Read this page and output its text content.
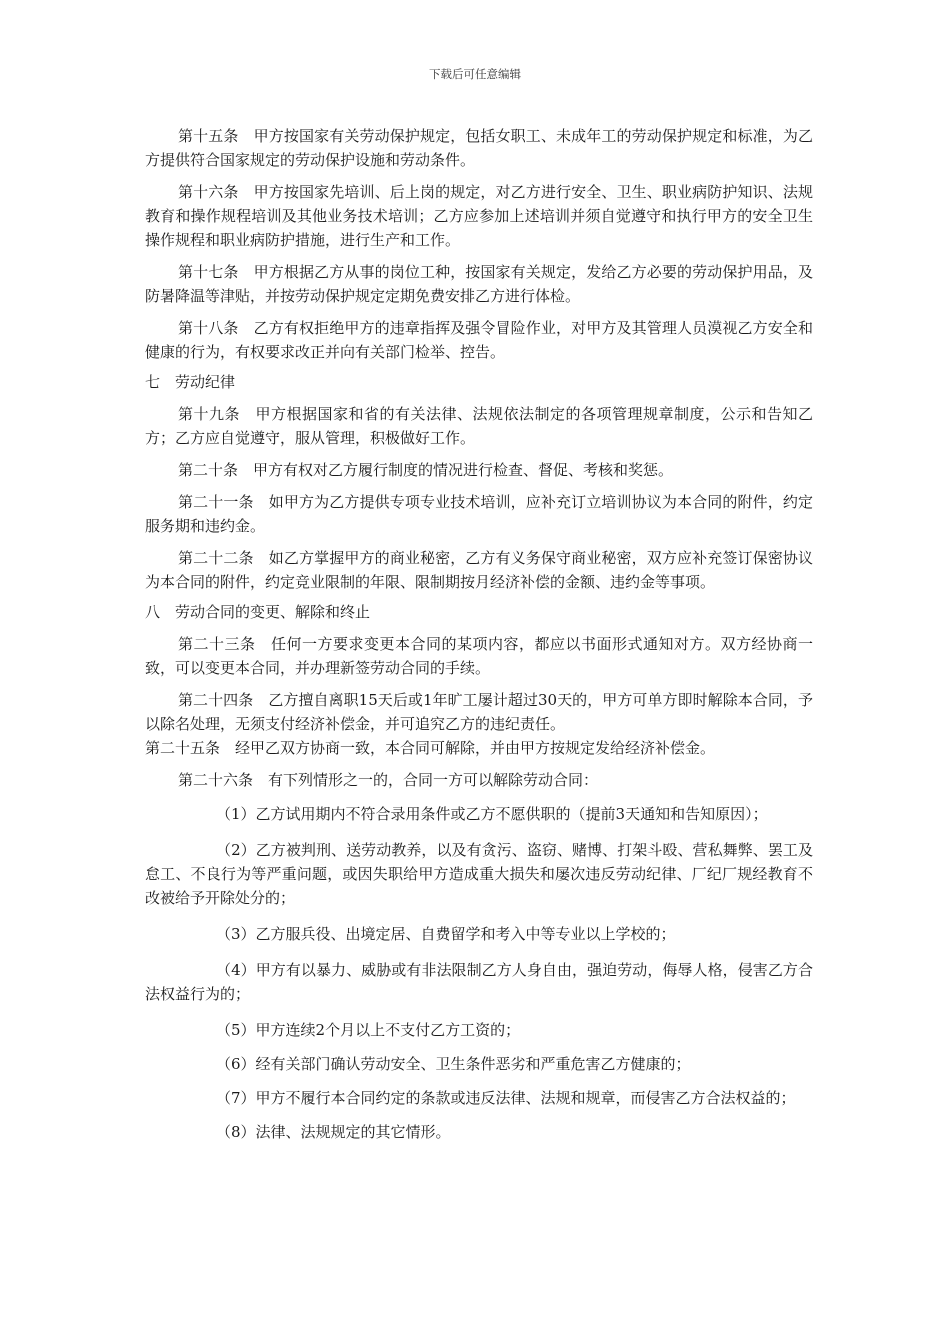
下载后可任意编辑

第十五条　甲方按国家有关劳动保护规定，包括女职工、未成年工的劳动保护规定和标准，为乙方提供符合国家规定的劳动保护设施和劳动条件。

第十六条　甲方按国家先培训、后上岗的规定，对乙方进行安全、卫生、职业病防护知识、法规教育和操作规程培训及其他业务技术培训；乙方应参加上述培训并须自觉遵守和执行甲方的安全卫生操作规程和职业病防护措施，进行生产和工作。

第十七条　甲方根据乙方从事的岗位工种，按国家有关规定，发给乙方必要的劳动保护用品，及防暑降温等津贴，并按劳动保护规定定期免费安排乙方进行体检。

第十八条　乙方有权拒绝甲方的违章指挥及强令冒险作业，对甲方及其管理人员漠视乙方安全和健康的行为，有权要求改正并向有关部门检举、控告。

七　劳动纪律

第十九条　甲方根据国家和省的有关法律、法规依法制定的各项管理规章制度，公示和告知乙方；乙方应自觉遵守，服从管理，积极做好工作。

第二十条　甲方有权对乙方履行制度的情况进行检查、督促、考核和奖惩。

第二十一条　如甲方为乙方提供专项专业技术培训，应补充订立培训协议为本合同的附件，约定服务期和违约金。

第二十二条　如乙方掌握甲方的商业秘密，乙方有义务保守商业秘密，双方应补充签订保密协议为本合同的附件，约定竞业限制的年限、限制期按月经济补偿的金额、违约金等事项。

八　劳动合同的变更、解除和终止

第二十三条　任何一方要求变更本合同的某项内容，都应以书面形式通知对方。双方经协商一致，可以变更本合同，并办理新签劳动合同的手续。

第二十四条　乙方擅自离职15天后或1年旷工屡计超过30天的，甲方可单方即时解除本合同，予以除名处理，无须支付经济补偿金，并可追究乙方的违纪责任。

第二十五条　经甲乙双方协商一致，本合同可解除，并由甲方按规定发给经济补偿金。

第二十六条　有下列情形之一的，合同一方可以解除劳动合同：

（1）乙方试用期内不符合录用条件或乙方不愿供职的（提前3天通知和告知原因）；

（2）乙方被判刑、送劳动教养，以及有贪污、盗窃、赌博、打架斗殴、营私舞弊、罢工及怠工、不良行为等严重问题，或因失职给甲方造成重大损失和屡次违反劳动纪律、厂纪厂规经教育不改被给予开除处分的；

（3）乙方服兵役、出境定居、自费留学和考入中等专业以上学校的；

（4）甲方有以暴力、威胁或有非法限制乙方人身自由，强迫劳动，侮辱人格，侵害乙方合法权益行为的；

（5）甲方连续2个月以上不支付乙方工资的；

（6）经有关部门确认劳动安全、卫生条件恶劣和严重危害乙方健康的；

（7）甲方不履行本合同约定的条款或违反法律、法规和规章，而侵害乙方合法权益的；

（8）法律、法规规定的其它情形。
